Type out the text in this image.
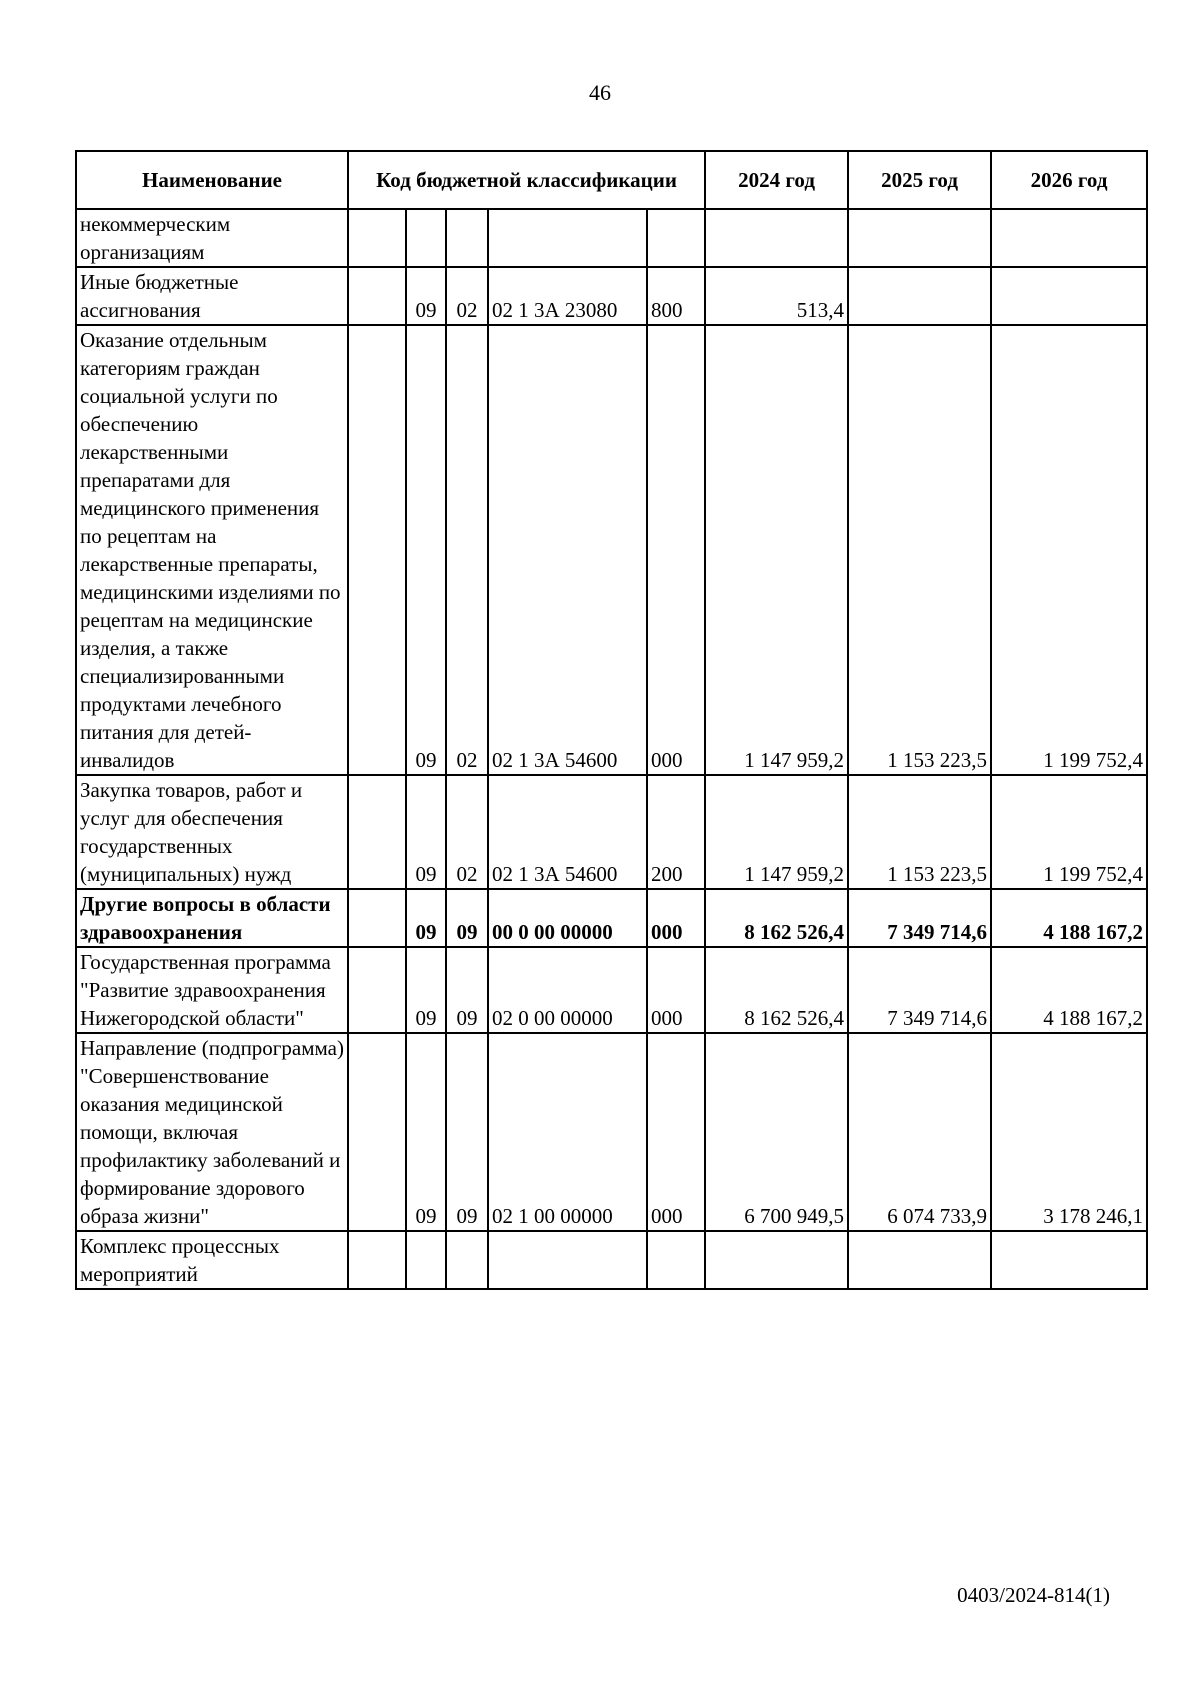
46
Наименование	Код бюджетной классификации					2024 год	2025 год	2026 год
некоммерческим организациям								
Иные бюджетные ассигнования		09	02	02 1 3А 23080	800	513,4		
Оказание отдельным категориям граждан социальной услуги по обеспечению лекарственными препаратами для медицинского применения по рецептам на лекарственные препараты, медицинскими изделиями по рецептам на медицинские изделия, а также специализированными продуктами лечебного питания для детей-инвалидов		09	02	02 1 3А 54600	000	1 147 959,2	1 153 223,5	1 199 752,4
Закупка товаров, работ и услуг для обеспечения государственных (муниципальных) нужд		09	02	02 1 3А 54600	200	1 147 959,2	1 153 223,5	1 199 752,4
Другие вопросы в области здравоохранения		09	09	00 0 00 00000	000	8 162 526,4	7 349 714,6	4 188 167,2
Государственная программа "Развитие здравоохранения Нижегородской области"		09	09	02 0 00 00000	000	8 162 526,4	7 349 714,6	4 188 167,2
Направление (подпрограмма) "Совершенствование оказания медицинской помощи, включая профилактику заболеваний и формирование здорового образа жизни"		09	09	02 1 00 00000	000	6 700 949,5	6 074 733,9	3 178 246,1
Комплекс процессных мероприятий								
0403/2024-814(1)
